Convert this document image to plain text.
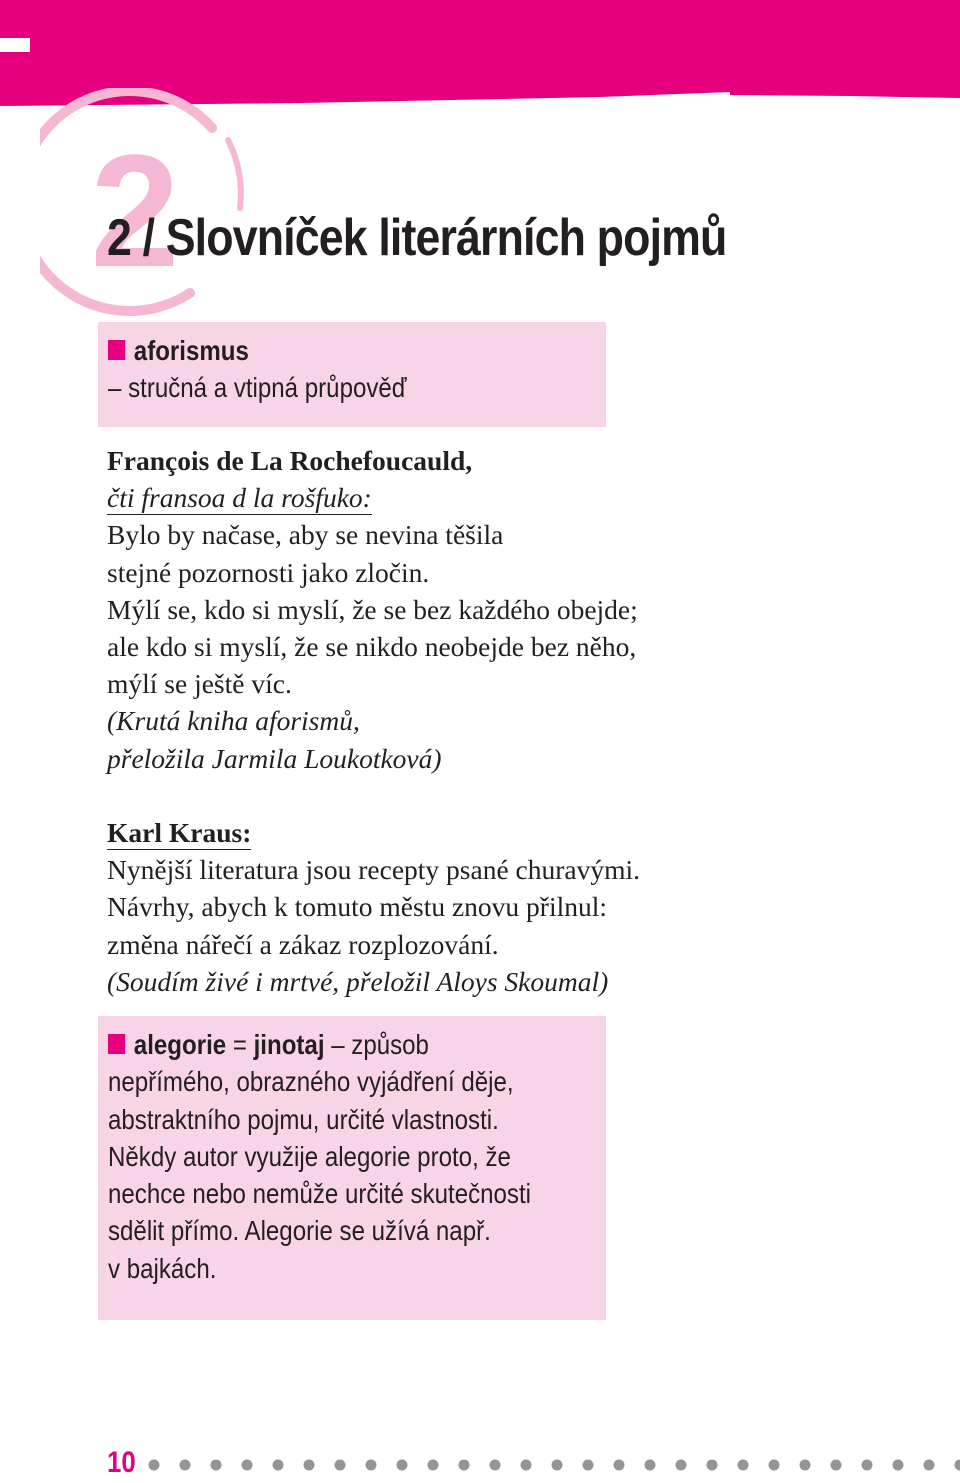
2
2 / Slovníček literárních pojmů
aforismus
– stručná a vtipná průpověď
François de La Rochefoucauld,
čti fransoa d la rošfuko:
Bylo by načase, aby se nevina těšila
stejné pozornosti jako zločin.
Mýlí se, kdo si myslí, že se bez každého obejde;
ale kdo si myslí, že se nikdo neobejde bez něho,
mýlí se ještě víc.
(Krutá kniha aforismů,
přeložila Jarmila Loukotková)
Karl Kraus:
Nynější literatura jsou recepty psané churavými.
Návrhy, abych k tomuto městu znovu přilnul:
změna nářečí a zákaz rozplozování.
(Soudím živé i mrtvé, přeložil Aloys Skoumal)
alegorie = jinotaj – způsob
nepřímého, obrazného vyjádření děje,
abstraktního pojmu, určité vlastnosti.
Někdy autor využije alegorie proto, že
nechce nebo nemůže určité skutečnosti
sdělit přímo. Alegorie se užívá např.
v bajkách.
10
